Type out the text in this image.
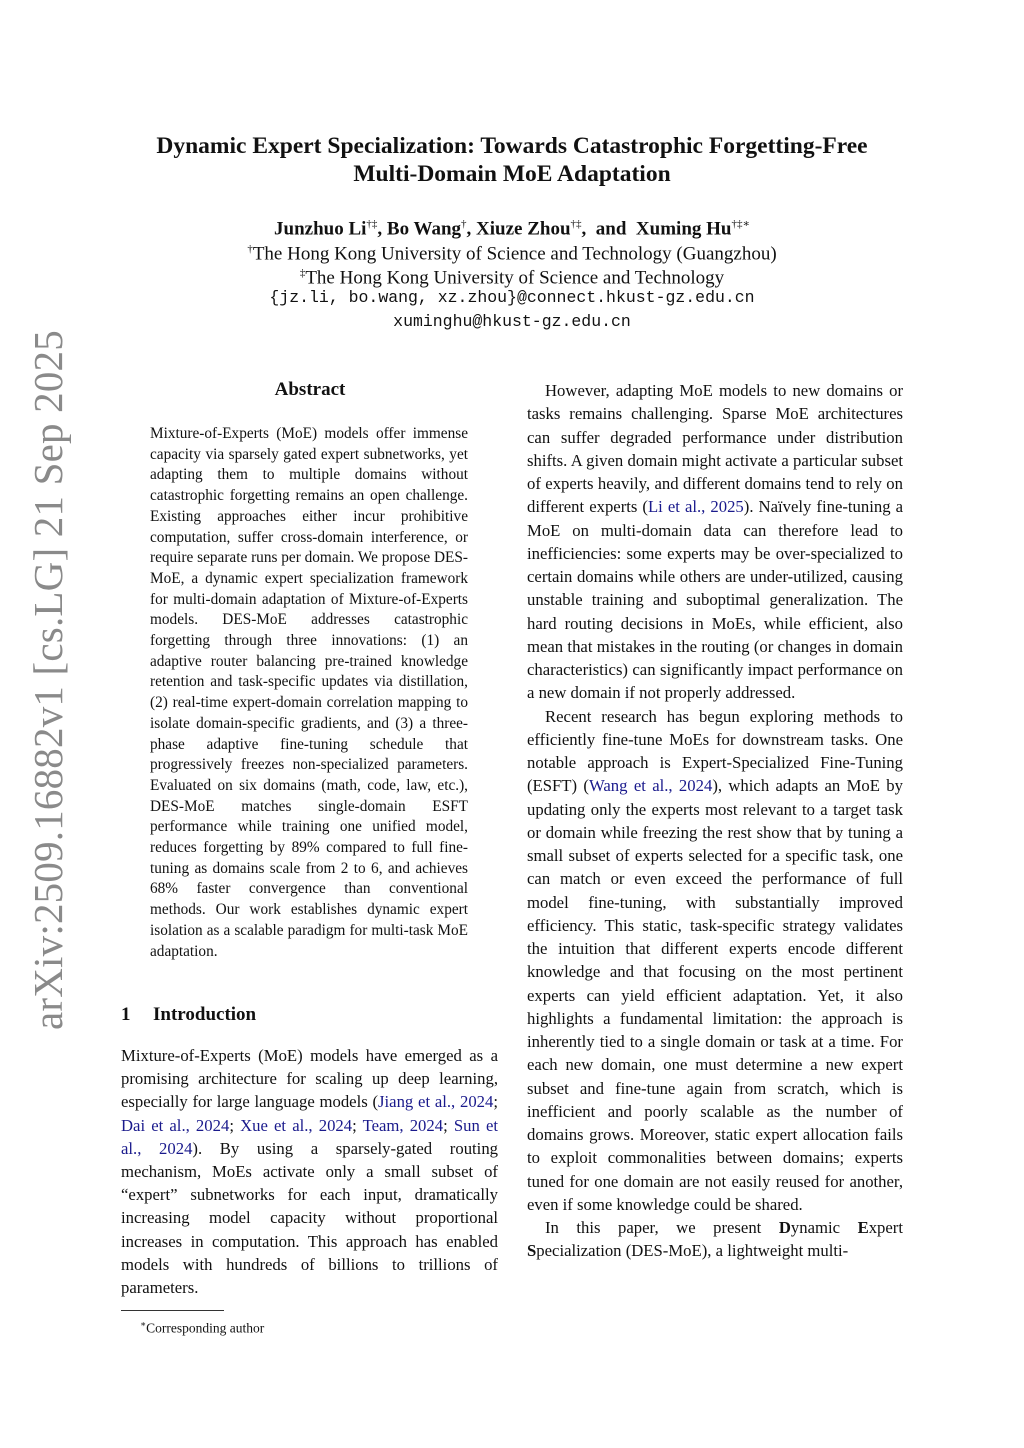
arXiv:2509.16882v1 [cs.LG] 21 Sep 2025
Dynamic Expert Specialization: Towards Catastrophic Forgetting-Free
Multi-Domain MoE Adaptation
Junzhuo Li†‡, Bo Wang†, Xiuze Zhou†‡,  and Xuming Hu†‡∗
†The Hong Kong University of Science and Technology (Guangzhou)
‡The Hong Kong University of Science and Technology
{jz.li, bo.wang, xz.zhou}@connect.hkust-gz.edu.cn
xuminghu@hkust-gz.edu.cn
Abstract
Mixture-of-Experts (MoE) models offer immense capacity via sparsely gated expert subnetworks, yet adapting them to multiple domains without catastrophic forgetting remains an open challenge. Existing approaches either incur prohibitive computation, suffer cross-domain interference, or require separate runs per domain. We propose DES-MoE, a dynamic expert specialization framework for multi-domain adaptation of Mixture-of-Experts models. DES-MoE addresses catastrophic forgetting through three innovations: (1) an adaptive router balancing pre-trained knowledge retention and task-specific updates via distillation, (2) real-time expert-domain correlation mapping to isolate domain-specific gradients, and (3) a three-phase adaptive fine-tuning schedule that progressively freezes non-specialized parameters. Evaluated on six domains (math, code, law, etc.), DES-MoE matches single-domain ESFT performance while training one unified model, reduces forgetting by 89% compared to full fine-tuning as domains scale from 2 to 6, and achieves 68% faster convergence than conventional methods. Our work establishes dynamic expert isolation as a scalable paradigm for multi-task MoE adaptation.
1 Introduction
Mixture-of-Experts (MoE) models have emerged as a promising architecture for scaling up deep learning, especially for large language models (Jiang et al., 2024; Dai et al., 2024; Xue et al., 2024; Team, 2024; Sun et al., 2024). By using a sparsely-gated routing mechanism, MoEs activate only a small subset of “expert” subnetworks for each input, dramatically increasing model capacity without proportional increases in computation. This approach has enabled models with hundreds of billions to trillions of parameters.

However, adapting MoE models to new domains or tasks remains challenging. Sparse MoE architectures can suffer degraded performance under distribution shifts. A given domain might activate a particular subset of experts heavily, and different domains tend to rely on different experts (Li et al., 2025). Naïvely fine-tuning a MoE on multi-domain data can therefore lead to inefficiencies: some experts may be over-specialized to certain domains while others are under-utilized, causing unstable training and suboptimal generalization. The hard routing decisions in MoEs, while efficient, also mean that mistakes in the routing (or changes in domain characteristics) can significantly impact performance on a new domain if not properly addressed.

Recent research has begun exploring methods to efficiently fine-tune MoEs for downstream tasks. One notable approach is Expert-Specialized Fine-Tuning (ESFT) (Wang et al., 2024), which adapts an MoE by updating only the experts most relevant to a target task or domain while freezing the rest show that by tuning a small subset of experts selected for a specific task, one can match or even exceed the performance of full model fine-tuning, with substantially improved efficiency. This static, task-specific strategy validates the intuition that different experts encode different knowledge and that focusing on the most pertinent experts can yield efficient adaptation. Yet, it also highlights a fundamental limitation: the approach is inherently tied to a single domain or task at a time. For each new domain, one must determine a new expert subset and fine-tune again from scratch, which is inefficient and poorly scalable as the number of domains grows. Moreover, static expert allocation fails to exploit commonalities between domains; experts tuned for one domain are not easily reused for another, even if some knowledge could be shared.

In this paper, we present Dynamic Expert Specialization (DES-MoE), a lightweight multi-

∗Corresponding author
